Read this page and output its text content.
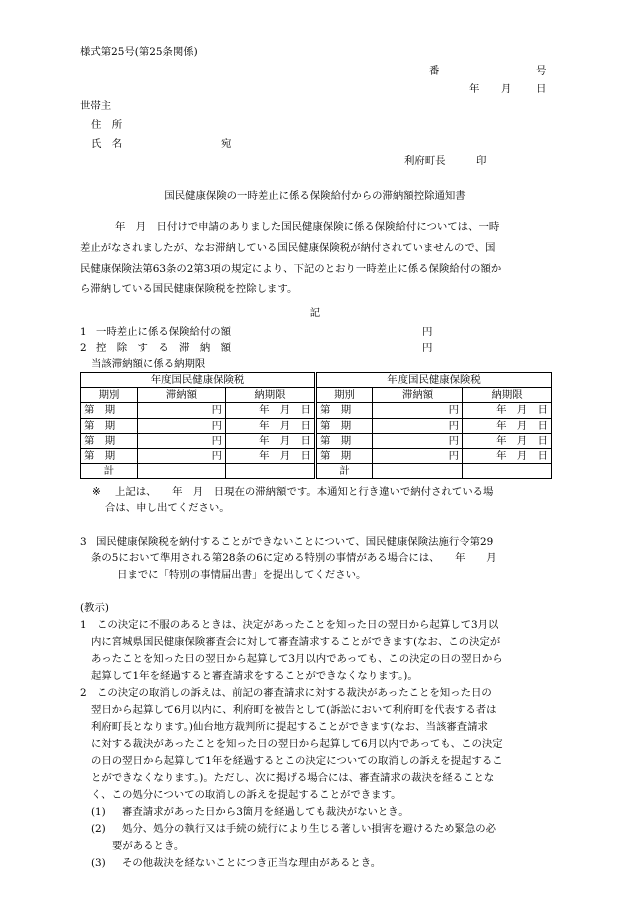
様式第25号(第25条関係)
番	号
年 月 日
世帯主
住　所
氏　名	宛
利府町長	印
国民健康保険の一時差止に係る保険給付からの滞納額控除通知書
年　月　日付けで申請のありました国民健康保険に係る保険給付については、一時
差止がなされましたが、なお滞納している国民健康保険税が納付されていませんので、国
民健康保険法第63条の2第3項の規定により、下記のとおり一時差止に係る保険給付の額か
ら滞納している国民健康保険税を控除します。
記
1 一時差止に係る保険給付の額	円
2 控　除　す　る　滞　納　額	円
当該滞納額に係る納期限
年度国民健康保険税			年度国民健康保険税		
期別	滞納額	納期限	期別	滞納額	納期限
第　期	円	年　月　日	第　期	円	年　月　日
第　期	円	年　月　日	第　期	円	年　月　日
第　期	円	年　月　日	第　期	円	年　月　日
第　期	円	年　月　日	第　期	円	年　月　日
計			計		
※ 上記は、　　年　月　日現在の滞納額です。本通知と行き違いで納付されている場
合は、申し出てください。
3 国民健康保険税を納付することができないことについて、国民健康保険法施行令第29
条の5において準用される第28条の6に定める特別の事情がある場合には、　　年　　月
日までに「特別の事情届出書」を提出してください。
(教示)
1 この決定に不服のあるときは、決定があったことを知った日の翌日から起算して3月以
内に宮城県国民健康保険審査会に対して審査請求することができます(なお、この決定が
あったことを知った日の翌日から起算して3月以内であっても、この決定の日の翌日から
起算して1年を経過すると審査請求をすることができなくなります。)。
2 この決定の取消しの訴えは、前記の審査請求に対する裁決があったことを知った日の
翌日から起算して6月以内に、利府町を被告として(訴訟において利府町を代表する者は
利府町長となります。)仙台地方裁判所に提起することができます(なお、当該審査請求
に対する裁決があったことを知った日の翌日から起算して6月以内であっても、この決定
の日の翌日から起算して1年を経過するとこの決定についての取消しの訴えを提起するこ
とができなくなります。)。ただし、次に掲げる場合には、審査請求の裁決を経ることな
く、この処分についての取消しの訴えを提起することができます。
(1) 審査請求があった日から3箇月を経過しても裁決がないとき。
(2) 処分、処分の執行又は手続の続行により生じる著しい損害を避けるため緊急の必
要があるとき。
(3) その他裁決を経ないことにつき正当な理由があるとき。
